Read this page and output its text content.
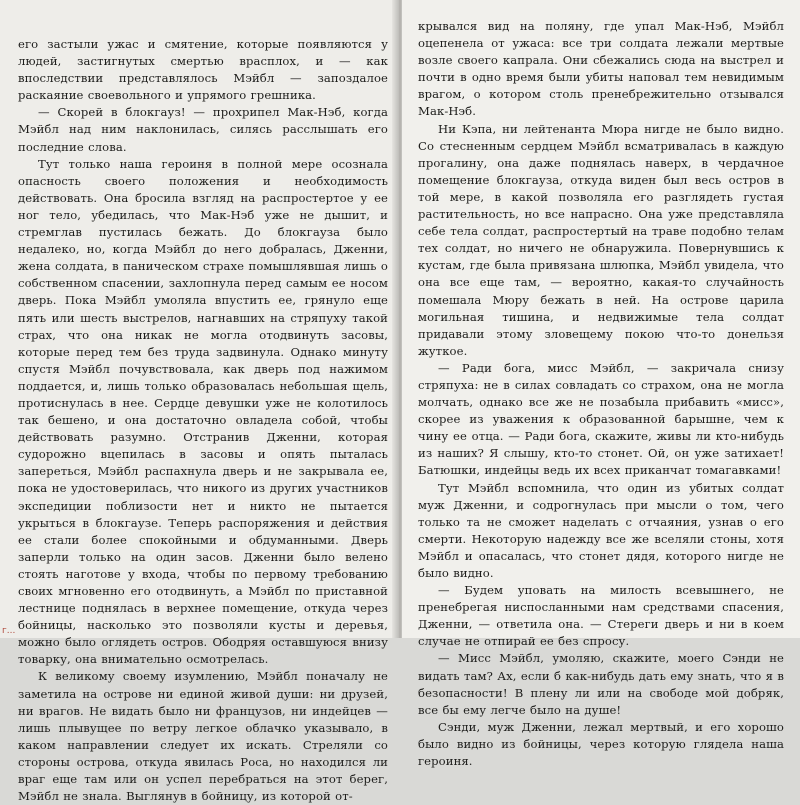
его застыли ужас и смятение, которые появляются у людей, застигнутых смертью врасплох, и — как впоследствии представлялось Мэйбл — запоздалое раскаяние своевольного и упрямого грешника.

— Скорей в блокгауз! — прохрипел Мак-Нэб, когда Мэйбл над ним наклонилась, силясь расслышать его последние слова.

Тут только наша героиня в полной мере осознала опасность своего положения и необходимость действовать. Она бросила взгляд на распростертое у ее ног тело, убедилась, что Мак-Нэб уже не дышит, и стремглав пустилась бежать. До блокгауза было недалеко, но, когда Мэйбл до него добралась, Дженни, жена солдата, в паническом страхе помышлявшая лишь о собственном спасении, захлопнула перед самым ее носом дверь. Пока Мэйбл умоляла впустить ее, грянуло еще пять или шесть выстрелов, нагнавших на стряпуху такой страх, что она никак не могла отодвинуть засовы, которые перед тем без труда задвинула. Однако минуту спустя Мэйбл почувствовала, как дверь под нажимом поддается, и, лишь только образовалась небольшая щель, протиснулась в нее. Сердце девушки уже не колотилось так бешено, и она достаточно овладела собой, чтобы действовать разумно. Отстранив Дженни, которая судорожно вцепилась в засовы и опять пыталась запереться, Мэйбл распахнула дверь и не закрывала ее, пока не удостоверилась, что никого из других участников экспедиции поблизости нет и никто не пытается укрыться в блокгаузе. Теперь распоряжения и действия ее стали более спокойными и обдуманными. Дверь заперли только на один засов. Дженни было велено стоять наготове у входа, чтобы по первому требованию своих мгновенно его отодвинуть, а Мэйбл по приставной лестнице поднялась в верхнее помещение, откуда через бойницы, насколько это позволяли кусты и деревья, можно было оглядеть остров. Ободряя оставшуюся внизу товарку, она внимательно осмотрелась.

К великому своему изумлению, Мэйбл поначалу не заметила на острове ни единой живой души: ни друзей, ни врагов. Не видать было ни французов, ни индейцев — лишь плывущее по ветру легкое облачко указывало, в каком направлении следует их искать. Стреляли со стороны острова, откуда явилась Роса, но находился ли враг еще там или он успел перебраться на этот берег, Мэйбл не знала. Выглянув в бойницу, из которой от-

г...

крывался вид на поляну, где упал Мак-Нэб, Мэйбл оцепенела от ужаса: все три солдата лежали мертвые возле своего капрала. Они сбежались сюда на выстрел и почти в одно время были убиты наповал тем невидимым врагом, о котором столь пренебрежительно отзывался Мак-Нэб.

Ни Кэпа, ни лейтенанта Мюра нигде не было видно. Со стесненным сердцем Мэйбл всматривалась в каждую прогалину, она даже поднялась наверх, в чердачное помещение блокгауза, откуда виден был весь остров в той мере, в какой позволяла его разглядеть густая растительность, но все напрасно. Она уже представляла себе тела солдат, распростертый на траве подобно телам тех солдат, но ничего не обнаружила. Повернувшись к кустам, где была привязана шлюпка, Мэйбл увидела, что она все еще там, — вероятно, какая-то случайность помешала Мюру бежать в ней. На острове царила могильная тишина, и недвижимые тела солдат придавали этому зловещему покою что-то донельзя жуткое.

— Ради бога, мисс Мэйбл, — закричала снизу стряпуха: не в силах совладать со страхом, она не могла молчать, однако все же не позабыла прибавить «мисс», скорее из уважения к образованной барышне, чем к чину ее отца. — Ради бога, скажите, живы ли кто-нибудь из наших? Я слышу, кто-то стонет. Ой, он уже затихает! Батюшки, индейцы ведь их всех приканчат томагавками!

Тут Мэйбл вспомнила, что один из убитых солдат муж Дженни, и содрогнулась при мысли о том, чего только та не сможет наделать с отчаяния, узнав о его смерти. Некоторую надежду все же вселяли стоны, хотя Мэйбл и опасалась, что стонет дядя, которого нигде не было видно.

— Будем уповать на милость всевышнего, не пренебрегая ниспосланными нам средствами спасения, Дженни, — ответила она. — Стереги дверь и ни в коем случае не отпирай ее без спросу.

— Мисс Мэйбл, умоляю, скажите, моего Сэнди не видать там? Ах, если б как-нибудь дать ему знать, что я в безопасности! В плену ли или на свободе мой добряк, все бы ему легче было на душе!

Сэнди, муж Дженни, лежал мертвый, и его хорошо было видно из бойницы, через которую глядела наша героиня.
